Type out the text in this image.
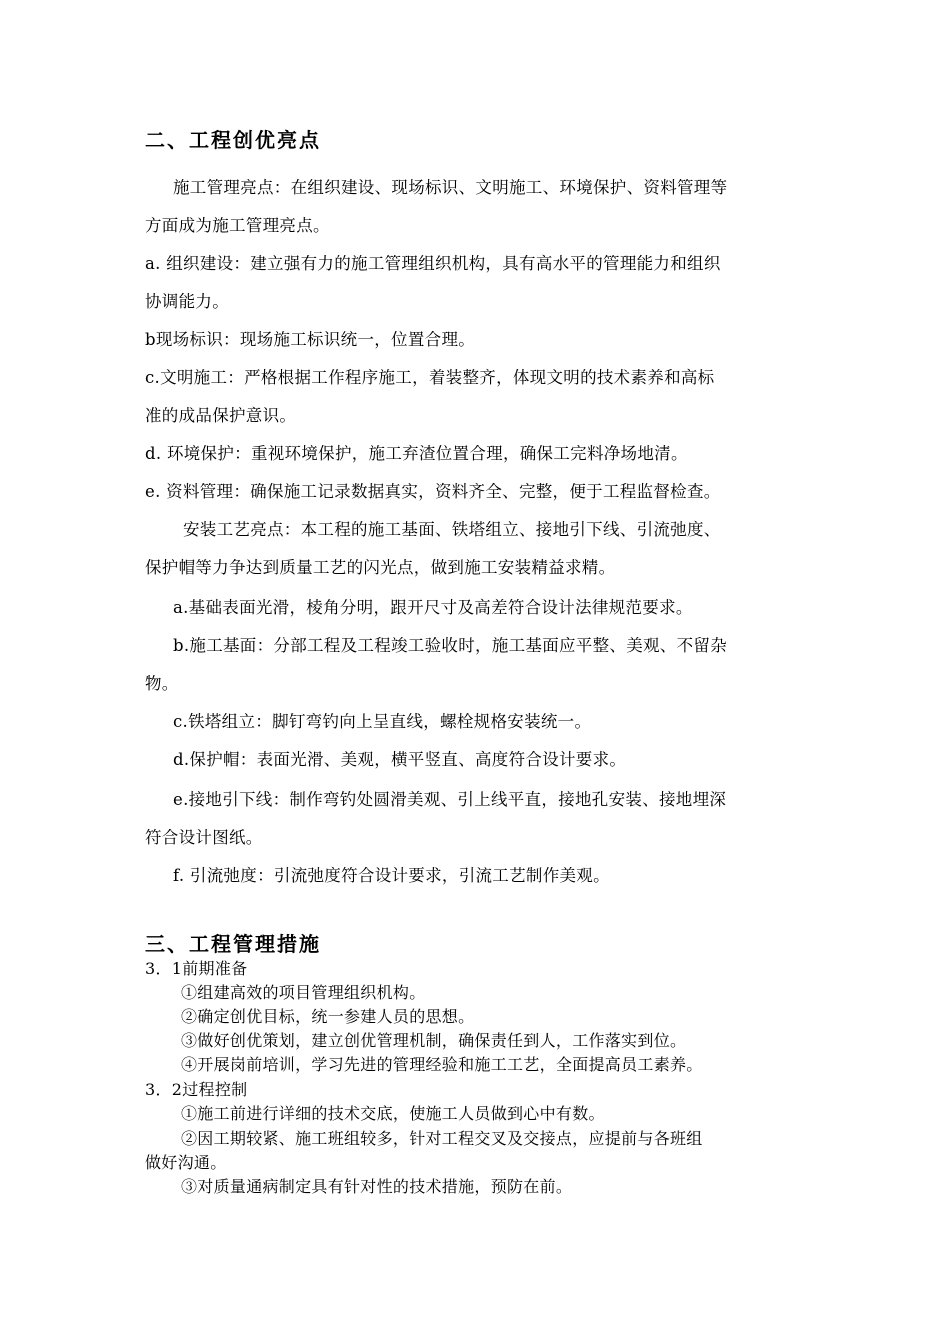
二、工程创优亮点
施工管理亮点：在组织建设、现场标识、文明施工、环境保护、资料管理等
方面成为施工管理亮点。
a. 组织建设：建立强有力的施工管理组织机构，具有高水平的管理能力和组织
协调能力。
b现场标识：现场施工标识统一，位置合理。
c.文明施工：严格根据工作程序施工，着装整齐，体现文明的技术素养和高标
准的成品保护意识。
d. 环境保护：重视环境保护，施工弃渣位置合理，确保工完料净场地清。
e. 资料管理：确保施工记录数据真实，资料齐全、完整，便于工程监督检查。
安装工艺亮点：本工程的施工基面、铁塔组立、接地引下线、引流弛度、
保护帽等力争达到质量工艺的闪光点，做到施工安装精益求精。
a.基础表面光滑，棱角分明，跟开尺寸及高差符合设计法律规范要求。
b.施工基面：分部工程及工程竣工验收时，施工基面应平整、美观、不留杂
物。
c.铁塔组立：脚钉弯钓向上呈直线，螺栓规格安装统一。
d.保护帽：表面光滑、美观，横平竖直、高度符合设计要求。
e.接地引下线：制作弯钓处圆滑美观、引上线平直，接地孔安装、接地埋深
符合设计图纸。
f. 引流弛度：引流弛度符合设计要求，引流工艺制作美观。
三、工程管理措施
3．1前期准备
①组建高效的项目管理组织机构。
②确定创优目标，统一参建人员的思想。
③做好创优策划，建立创优管理机制，确保责任到人，工作落实到位。
④开展岗前培训，学习先进的管理经验和施工工艺，全面提高员工素养。
3．2过程控制
①施工前进行详细的技术交底，使施工人员做到心中有数。
②因工期较紧、施工班组较多，针对工程交叉及交接点，应提前与各班组
做好沟通。
③对质量通病制定具有针对性的技术措施，预防在前。
